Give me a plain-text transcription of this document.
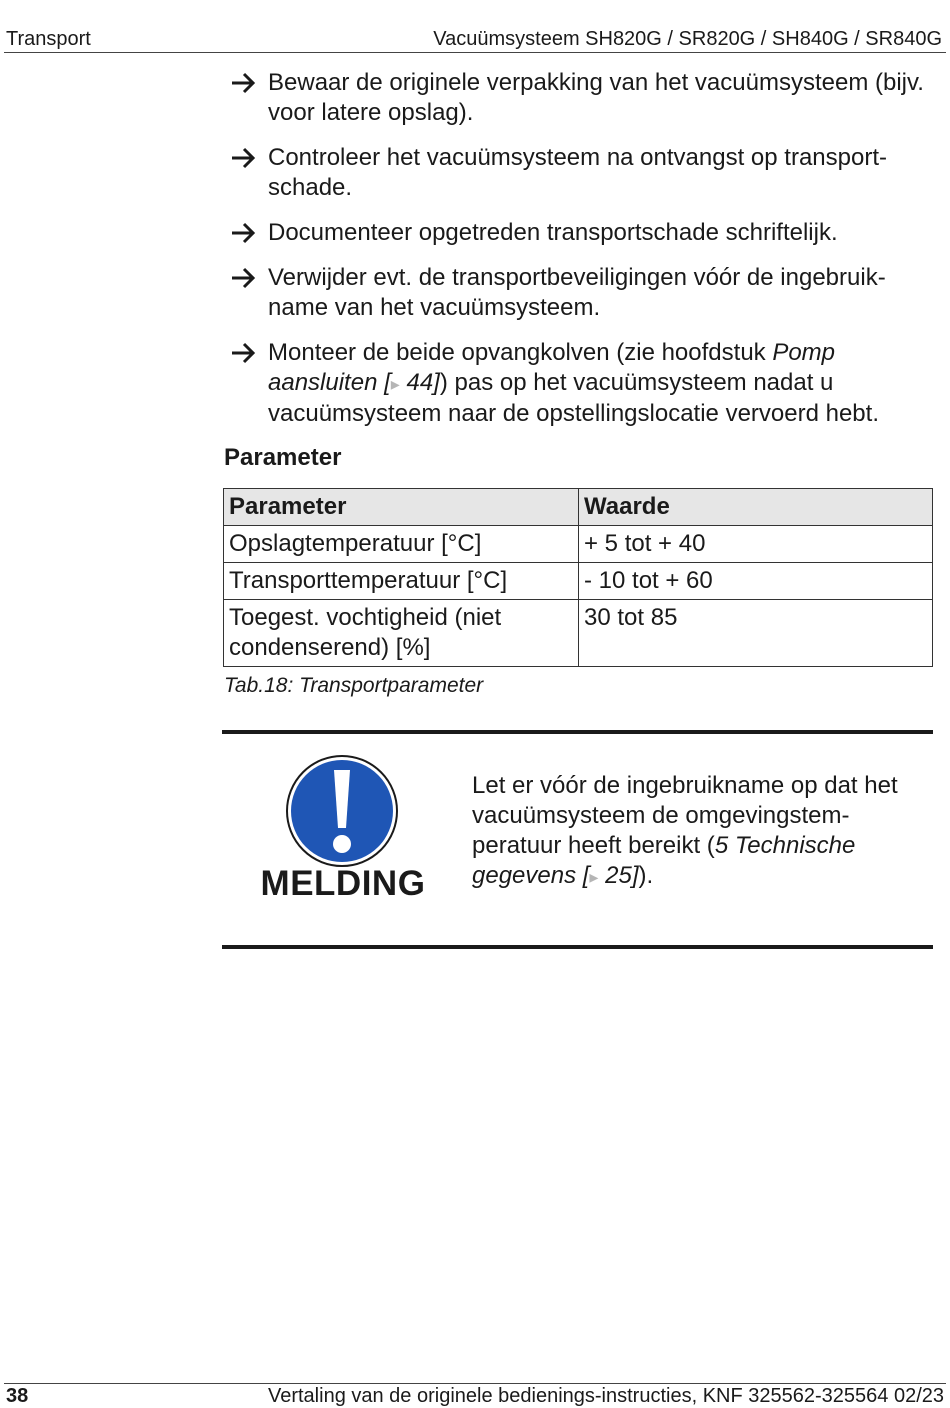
Transport	Vacuümsysteem SH820G / SR820G / SH840G / SR840G
Bewaar de originele verpakking van het vacuümsysteem (bijv. voor latere opslag).
Controleer het vacuümsysteem na ontvangst op transport-schade.
Documenteer opgetreden transportschade schriftelijk.
Verwijder evt. de transportbeveiligingen vóór de ingebruik-name van het vacuümsysteem.
Monteer de beide opvangkolven (zie hoofdstuk Pomp aansluiten [▸ 44]) pas op het vacuümsysteem nadat u vacuümsysteem naar de opstellingslocatie vervoerd hebt.
Parameter
Parameter	Waarde
Opslagtemperatuur [°C]	+ 5 tot + 40
Transporttemperatuur [°C]	- 10 tot + 60
Toegest. vochtigheid (niet condenserend) [%]	30 tot 85
Tab.18: Transportparameter
MELDING
Let er vóór de ingebruikname op dat het vacuümsysteem de omgevingstem-peratuur heeft bereikt (5 Technische gegevens [▸ 25]).
38	Vertaling van de originele bedienings-instructies, KNF 325562-325564 02/23
